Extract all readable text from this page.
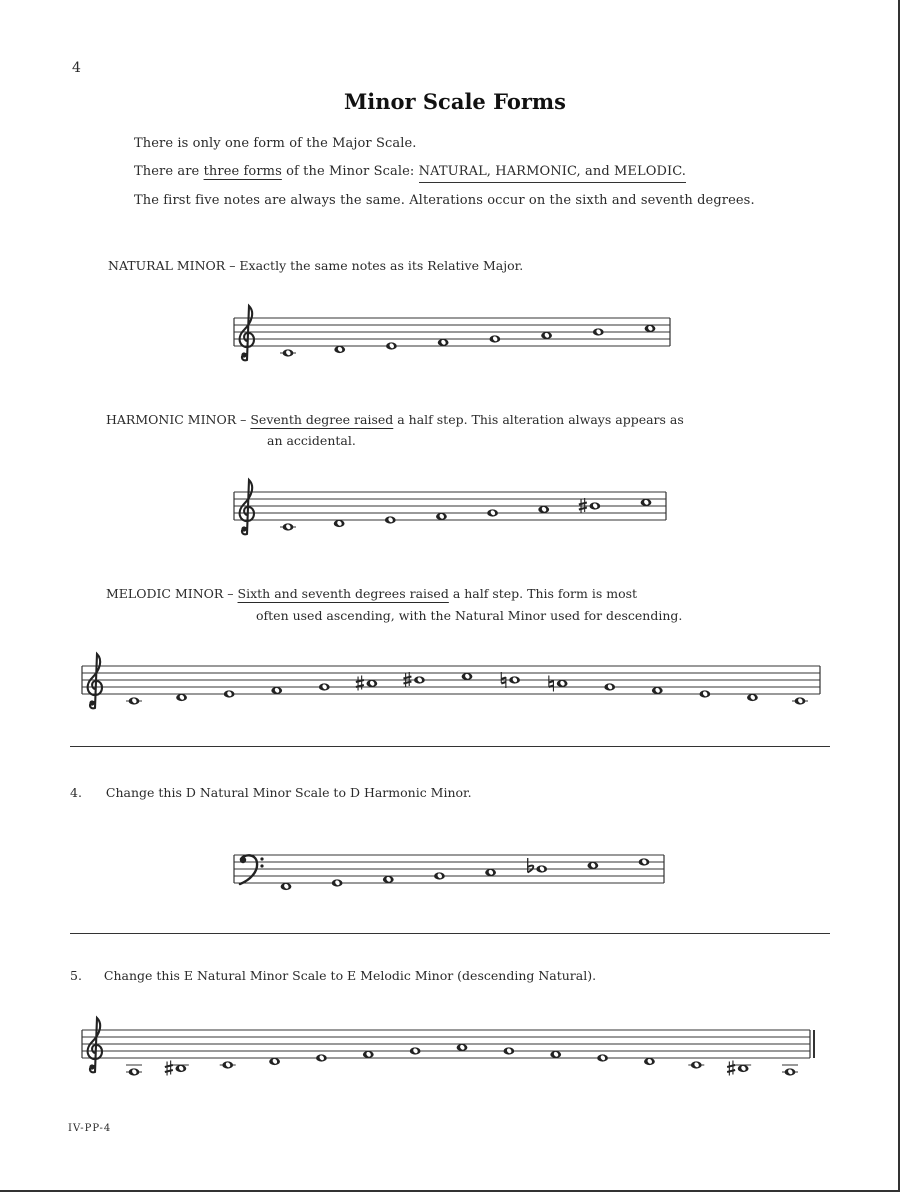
4
Minor Scale Forms
There is only one form of the Major Scale.
There are three forms of the Minor Scale: NATURAL, HARMONIC, and MELODIC.
The first five notes are always the same. Alterations occur on the sixth and seventh degrees.
NATURAL MINOR – Exactly the same notes as its Relative Major.
HARMONIC MINOR – Seventh degree raised a half step. This alteration always appears as
an accidental.
MELODIC MINOR – Sixth and seventh degrees raised a half step. This form is most
often used ascending, with the Natural Minor used for descending.
4. Change this D Natural Minor Scale to D Harmonic Minor.
5. Change this E Natural Minor Scale to E Melodic Minor (descending Natural).
IV-PP-4
